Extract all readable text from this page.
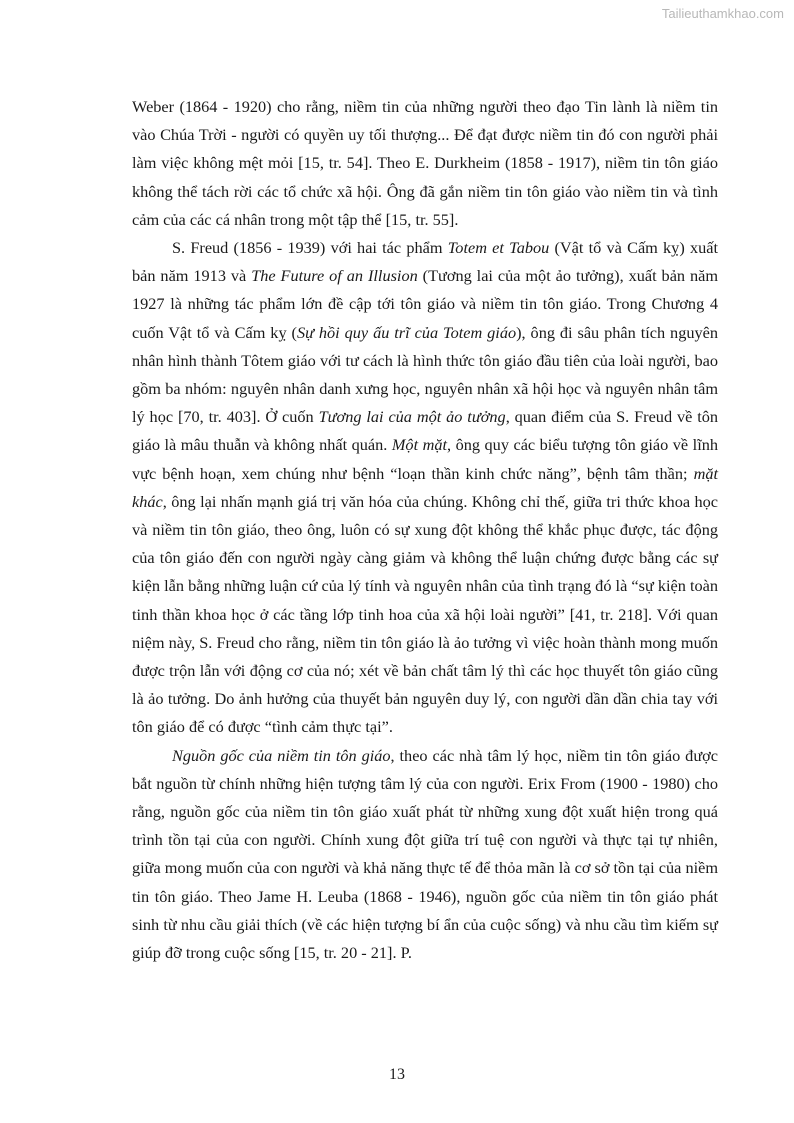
Tailieuthamkhao.com

Weber (1864 - 1920) cho rằng, niềm tin của những người theo đạo Tin lành là niềm tin vào Chúa Trời - người có quyền uy tối thượng... Để đạt được niềm tin đó con người phải làm việc không mệt mỏi [15, tr. 54]. Theo E. Durkheim (1858 - 1917), niềm tin tôn giáo không thể tách rời các tổ chức xã hội. Ông đã gắn niềm tin tôn giáo vào niềm tin và tình cảm của các cá nhân trong một tập thể [15, tr. 55].

S. Freud (1856 - 1939) với hai tác phẩm Totem et Tabou (Vật tổ và Cấm kỵ) xuất bản năm 1913 và The Future of an Illusion (Tương lai của một ảo tưởng), xuất bản năm 1927 là những tác phẩm lớn đề cập tới tôn giáo và niềm tin tôn giáo. Trong Chương 4 cuốn Vật tổ và Cấm kỵ (Sự hồi quy ấu trĩ của Totem giáo), ông đi sâu phân tích nguyên nhân hình thành Tôtem giáo với tư cách là hình thức tôn giáo đầu tiên của loài người, bao gồm ba nhóm: nguyên nhân danh xưng học, nguyên nhân xã hội học và nguyên nhân tâm lý học [70, tr. 403]. Ở cuốn Tương lai của một ảo tưởng, quan điểm của S. Freud về tôn giáo là mâu thuẫn và không nhất quán. Một mặt, ông quy các biểu tượng tôn giáo về lĩnh vực bệnh hoạn, xem chúng như bệnh “loạn thần kinh chức năng”, bệnh tâm thần; mặt khác, ông lại nhấn mạnh giá trị văn hóa của chúng. Không chỉ thế, giữa tri thức khoa học và niềm tin tôn giáo, theo ông, luôn có sự xung đột không thể khắc phục được, tác động của tôn giáo đến con người ngày càng giảm và không thể luận chứng được bằng các sự kiện lẫn bằng những luận cứ của lý tính và nguyên nhân của tình trạng đó là “sự kiện toàn tinh thần khoa học ở các tầng lớp tinh hoa của xã hội loài người” [41, tr. 218]. Với quan niệm này, S. Freud cho rằng, niềm tin tôn giáo là ảo tưởng vì việc hoàn thành mong muốn được trộn lẫn với động cơ của nó; xét về bản chất tâm lý thì các học thuyết tôn giáo cũng là ảo tưởng. Do ảnh hưởng của thuyết bản nguyên duy lý, con người dần dần chia tay với tôn giáo để có được “tình cảm thực tại”.

Nguồn gốc của niềm tin tôn giáo, theo các nhà tâm lý học, niềm tin tôn giáo được bắt nguồn từ chính những hiện tượng tâm lý của con người. Erix From (1900 - 1980) cho rằng, nguồn gốc của niềm tin tôn giáo xuất phát từ những xung đột xuất hiện trong quá trình tồn tại của con người. Chính xung đột giữa trí tuệ con người và thực tại tự nhiên, giữa mong muốn của con người và khả năng thực tế để thỏa mãn là cơ sở tồn tại của niềm tin tôn giáo. Theo Jame H. Leuba (1868 - 1946), nguồn gốc của niềm tin tôn giáo phát sinh từ nhu cầu giải thích (về các hiện tượng bí ẩn của cuộc sống) và nhu cầu tìm kiếm sự giúp đỡ trong cuộc sống [15, tr. 20 - 21]. P.

13
